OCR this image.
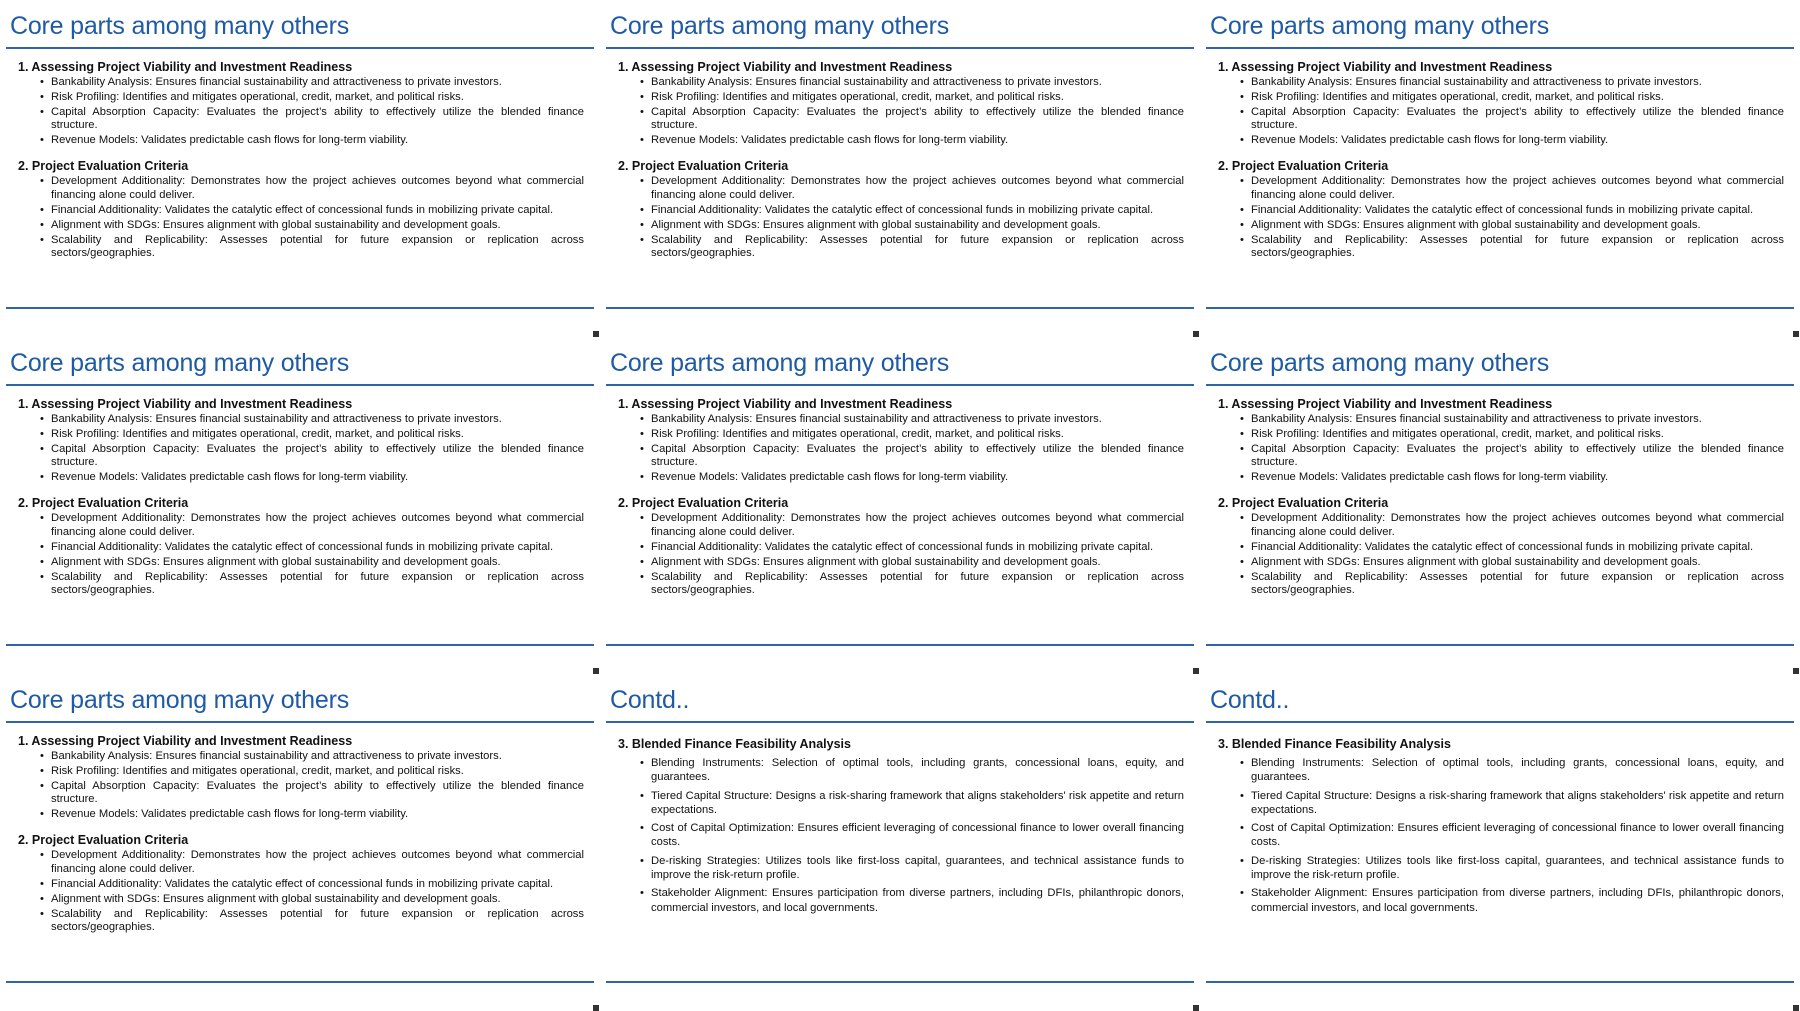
Core parts among many others
1. Assessing Project Viability and Investment Readiness
• Bankability Analysis: Ensures financial sustainability and attractiveness to private investors.
• Risk Profiling: Identifies and mitigates operational, credit, market, and political risks.
• Capital Absorption Capacity: Evaluates the project’s ability to effectively utilize the blended finance structure.
• Revenue Models: Validates predictable cash flows for long-term viability.
2. Project Evaluation Criteria
• Development Additionality: Demonstrates how the project achieves outcomes beyond what commercial financing alone could deliver.
• Financial Additionality: Validates the catalytic effect of concessional funds in mobilizing private capital.
• Alignment with SDGs: Ensures alignment with global sustainability and development goals.
• Scalability and Replicability: Assesses potential for future expansion or replication across sectors/geographies.
Core parts among many others
1. Assessing Project Viability and Investment Readiness
• Bankability Analysis: Ensures financial sustainability and attractiveness to private investors.
• Risk Profiling: Identifies and mitigates operational, credit, market, and political risks.
• Capital Absorption Capacity: Evaluates the project’s ability to effectively utilize the blended finance structure.
• Revenue Models: Validates predictable cash flows for long-term viability.
2. Project Evaluation Criteria
• Development Additionality: Demonstrates how the project achieves outcomes beyond what commercial financing alone could deliver.
• Financial Additionality: Validates the catalytic effect of concessional funds in mobilizing private capital.
• Alignment with SDGs: Ensures alignment with global sustainability and development goals.
• Scalability and Replicability: Assesses potential for future expansion or replication across sectors/geographies.
Core parts among many others
1. Assessing Project Viability and Investment Readiness
• Bankability Analysis: Ensures financial sustainability and attractiveness to private investors.
• Risk Profiling: Identifies and mitigates operational, credit, market, and political risks.
• Capital Absorption Capacity: Evaluates the project’s ability to effectively utilize the blended finance structure.
• Revenue Models: Validates predictable cash flows for long-term viability.
2. Project Evaluation Criteria
• Development Additionality: Demonstrates how the project achieves outcomes beyond what commercial financing alone could deliver.
• Financial Additionality: Validates the catalytic effect of concessional funds in mobilizing private capital.
• Alignment with SDGs: Ensures alignment with global sustainability and development goals.
• Scalability and Replicability: Assesses potential for future expansion or replication across sectors/geographies.
Core parts among many others
1. Assessing Project Viability and Investment Readiness
• Bankability Analysis: Ensures financial sustainability and attractiveness to private investors.
• Risk Profiling: Identifies and mitigates operational, credit, market, and political risks.
• Capital Absorption Capacity: Evaluates the project’s ability to effectively utilize the blended finance structure.
• Revenue Models: Validates predictable cash flows for long-term viability.
2. Project Evaluation Criteria
• Development Additionality: Demonstrates how the project achieves outcomes beyond what commercial financing alone could deliver.
• Financial Additionality: Validates the catalytic effect of concessional funds in mobilizing private capital.
• Alignment with SDGs: Ensures alignment with global sustainability and development goals.
• Scalability and Replicability: Assesses potential for future expansion or replication across sectors/geographies.
Core parts among many others
1. Assessing Project Viability and Investment Readiness
• Bankability Analysis: Ensures financial sustainability and attractiveness to private investors.
• Risk Profiling: Identifies and mitigates operational, credit, market, and political risks.
• Capital Absorption Capacity: Evaluates the project’s ability to effectively utilize the blended finance structure.
• Revenue Models: Validates predictable cash flows for long-term viability.
2. Project Evaluation Criteria
• Development Additionality: Demonstrates how the project achieves outcomes beyond what commercial financing alone could deliver.
• Financial Additionality: Validates the catalytic effect of concessional funds in mobilizing private capital.
• Alignment with SDGs: Ensures alignment with global sustainability and development goals.
• Scalability and Replicability: Assesses potential for future expansion or replication across sectors/geographies.
Core parts among many others
1. Assessing Project Viability and Investment Readiness
• Bankability Analysis: Ensures financial sustainability and attractiveness to private investors.
• Risk Profiling: Identifies and mitigates operational, credit, market, and political risks.
• Capital Absorption Capacity: Evaluates the project’s ability to effectively utilize the blended finance structure.
• Revenue Models: Validates predictable cash flows for long-term viability.
2. Project Evaluation Criteria
• Development Additionality: Demonstrates how the project achieves outcomes beyond what commercial financing alone could deliver.
• Financial Additionality: Validates the catalytic effect of concessional funds in mobilizing private capital.
• Alignment with SDGs: Ensures alignment with global sustainability and development goals.
• Scalability and Replicability: Assesses potential for future expansion or replication across sectors/geographies.
Core parts among many others
1. Assessing Project Viability and Investment Readiness
• Bankability Analysis: Ensures financial sustainability and attractiveness to private investors.
• Risk Profiling: Identifies and mitigates operational, credit, market, and political risks.
• Capital Absorption Capacity: Evaluates the project’s ability to effectively utilize the blended finance structure.
• Revenue Models: Validates predictable cash flows for long-term viability.
2. Project Evaluation Criteria
• Development Additionality: Demonstrates how the project achieves outcomes beyond what commercial financing alone could deliver.
• Financial Additionality: Validates the catalytic effect of concessional funds in mobilizing private capital.
• Alignment with SDGs: Ensures alignment with global sustainability and development goals.
• Scalability and Replicability: Assesses potential for future expansion or replication across sectors/geographies.
Contd..
3. Blended Finance Feasibility Analysis
• Blending Instruments: Selection of optimal tools, including grants, concessional loans, equity, and guarantees.
• Tiered Capital Structure: Designs a risk-sharing framework that aligns stakeholders' risk appetite and return expectations.
• Cost of Capital Optimization: Ensures efficient leveraging of concessional finance to lower overall financing costs.
• De-risking Strategies: Utilizes tools like first-loss capital, guarantees, and technical assistance funds to improve the risk-return profile.
• Stakeholder Alignment: Ensures participation from diverse partners, including DFIs, philanthropic donors, commercial investors, and local governments.
Contd..
3. Blended Finance Feasibility Analysis
• Blending Instruments: Selection of optimal tools, including grants, concessional loans, equity, and guarantees.
• Tiered Capital Structure: Designs a risk-sharing framework that aligns stakeholders' risk appetite and return expectations.
• Cost of Capital Optimization: Ensures efficient leveraging of concessional finance to lower overall financing costs.
• De-risking Strategies: Utilizes tools like first-loss capital, guarantees, and technical assistance funds to improve the risk-return profile.
• Stakeholder Alignment: Ensures participation from diverse partners, including DFIs, philanthropic donors, commercial investors, and local governments.
